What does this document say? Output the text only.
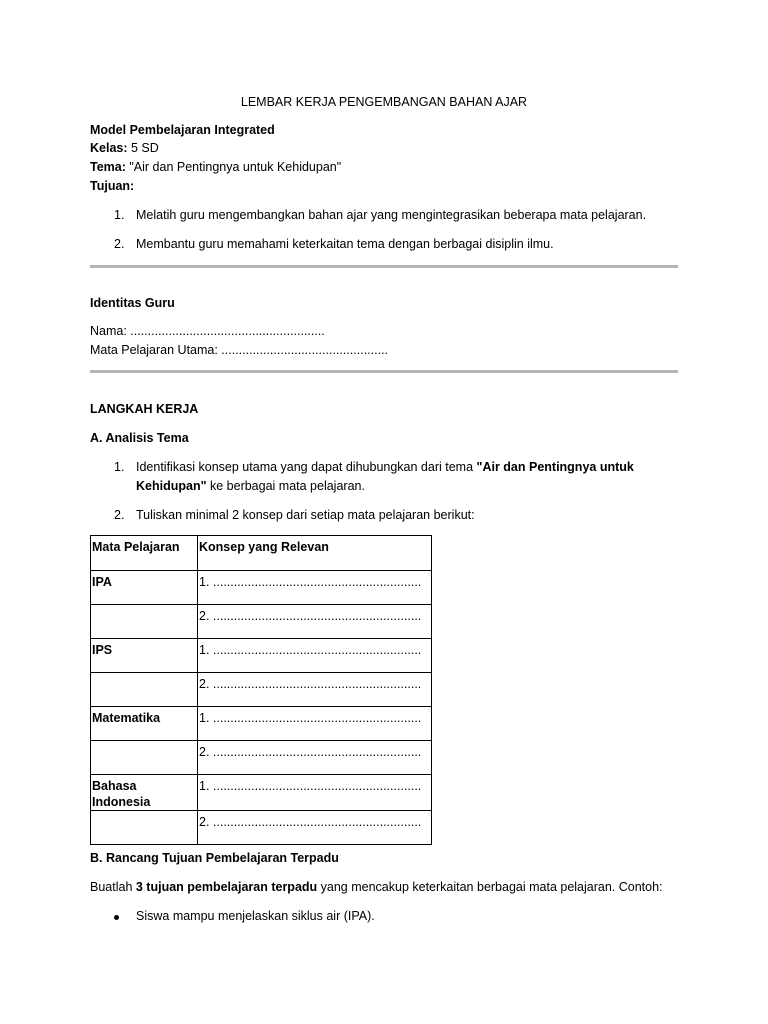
LEMBAR KERJA PENGEMBANGAN BAHAN AJAR
Model Pembelajaran Integrated
Kelas: 5 SD
Tema: "Air dan Pentingnya untuk Kehidupan"
Tujuan:
1. Melatih guru mengembangkan bahan ajar yang mengintegrasikan beberapa mata pelajaran.
2. Membantu guru memahami keterkaitan tema dengan berbagai disiplin ilmu.
Identitas Guru
Nama: ........................................................
Mata Pelajaran Utama: ................................................
LANGKAH KERJA
A. Analisis Tema
1. Identifikasi konsep utama yang dapat dihubungkan dari tema "Air dan Pentingnya untuk
Kehidupan" ke berbagai mata pelajaran.
2. Tuliskan minimal 2 konsep dari setiap mata pelajaran berikut:
Mata Pelajaran	Konsep yang Relevan
IPA	1. ............................................................
	2. ............................................................
IPS	1. ............................................................
	2. ............................................................
Matematika	1. ............................................................
	2. ............................................................
Bahasa Indonesia	1. ............................................................
	2. ............................................................
B. Rancang Tujuan Pembelajaran Terpadu
Buatlah 3 tujuan pembelajaran terpadu yang mencakup keterkaitan berbagai mata pelajaran. Contoh:
Siswa mampu menjelaskan siklus air (IPA).
